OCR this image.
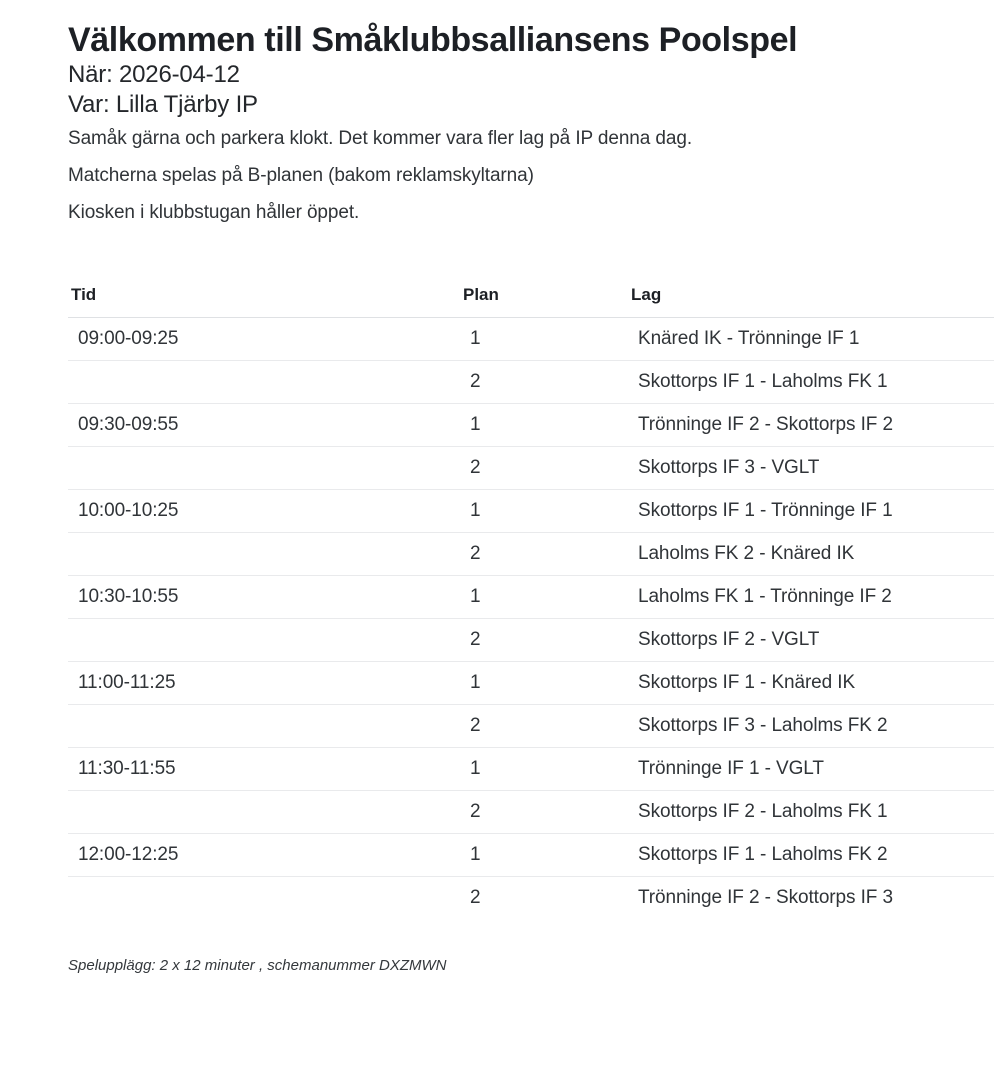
Välkommen till Småklubbsalliansens Poolspel
När: 2026-04-12
Var: Lilla Tjärby IP

Samåk gärna och parkera klokt. Det kommer vara fler lag på IP denna dag.
Matcherna spelas på B-planen (bakom reklamskyltarna)

Kiosken i klubbstugan håller öppet.

Tid	Plan	Lag
09:00-09:25	1	Knäred IK - Trönninge IF 1
	2	Skottorps IF 1 - Laholms FK 1
09:30-09:55	1	Trönninge IF 2 - Skottorps IF 2
	2	Skottorps IF 3 - VGLT
10:00-10:25	1	Skottorps IF 1 - Trönninge IF 1
	2	Laholms FK 2 - Knäred IK
10:30-10:55	1	Laholms FK 1 - Trönninge IF 2
	2	Skottorps IF 2 - VGLT
11:00-11:25	1	Skottorps IF 1 - Knäred IK
	2	Skottorps IF 3 - Laholms FK 2
11:30-11:55	1	Trönninge IF 1 - VGLT
	2	Skottorps IF 2 - Laholms FK 1
12:00-12:25	1	Skottorps IF 1 - Laholms FK 2
	2	Trönninge IF 2 - Skottorps IF 3

Spelupplägg: 2 x 12 minuter , schemanummer DXZMWN
